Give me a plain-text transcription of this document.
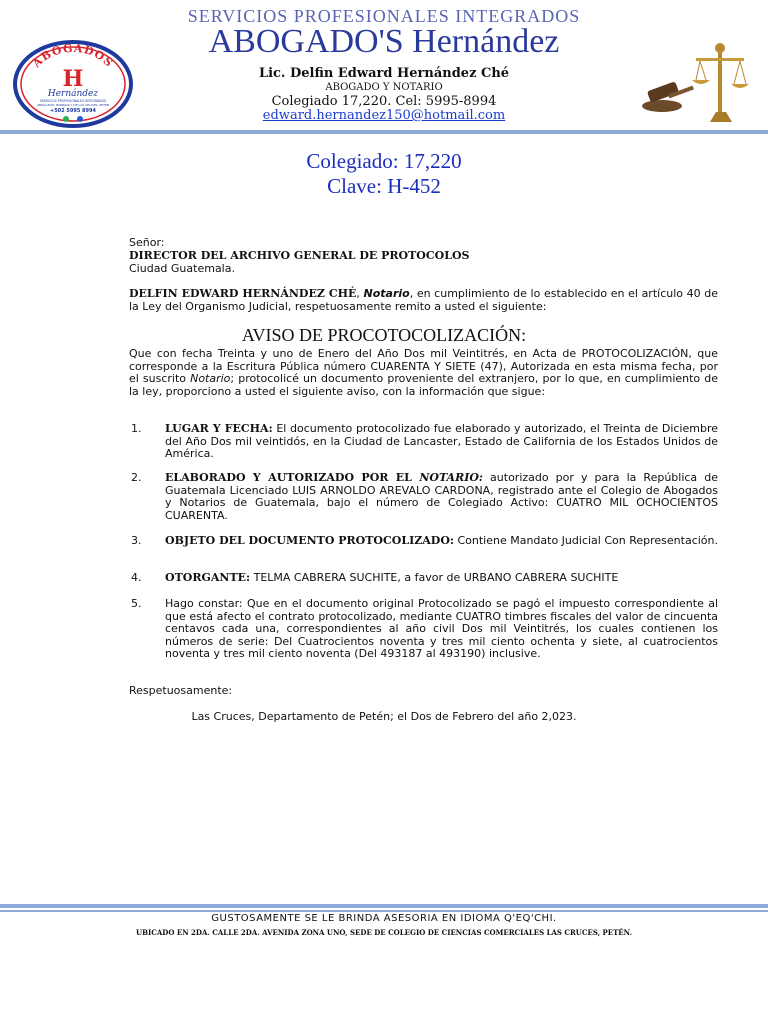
SERVICIOS PROFESIONALES INTEGRADOS
ABOGADO'S Hernández
ABOGADOS
H
Hernández
SERVICIOS PROFESIONALES INTEGRADOS
ABOGADOS, BARRIOS Y DE LAS CRUCES, PETEN
+502 5995 8994
Lic. Delfin Edward Hernández Ché
ABOGADO Y NOTARIO
Colegiado 17,220. Cel: 5995-8994
edward.hernandez150@hotmail.com
Colegiado: 17,220
Clave: H-452
Señor:
DIRECTOR DEL ARCHIVO GENERAL DE PROTOCOLOS
Ciudad Guatemala.
DELFIN EDWARD HERNÁNDEZ CHÉ, Notario, en cumplimiento de lo establecido en el artículo 40 de la Ley del Organismo Judicial, respetuosamente remito a usted el siguiente:
AVISO DE PROCOTOCOLIZACIÓN:
Que con fecha Treinta y uno de Enero del Año Dos mil Veintitrés, en Acta de PROTOCOLIZACIÓN, que corresponde a la Escritura Pública número CUARENTA Y SIETE (47), Autorizada en esta misma fecha, por el suscrito Notario; protocolicé un documento proveniente del extranjero, por lo que, en cumplimiento de la ley, proporciono a usted el siguiente aviso, con la información que sigue:
1.	LUGAR Y FECHA: El documento protocolizado fue elaborado y autorizado, el Treinta de Diciembre del Año Dos mil veintidós, en la Ciudad de Lancaster, Estado de California de los Estados Unidos de América.
2.	ELABORADO Y AUTORIZADO POR EL NOTARIO: autorizado por y para la República de Guatemala Licenciado LUIS ARNOLDO AREVALO CARDONA, registrado ante el Colegio de Abogados y Notarios de Guatemala, bajo el número de Colegiado Activo: CUATRO MIL OCHOCIENTOS CUARENTA.
3.	OBJETO DEL DOCUMENTO PROTOCOLIZADO: Contiene Mandato Judicial Con Representación.
4.	OTORGANTE: TELMA CABRERA SUCHITE, a favor de URBANO CABRERA SUCHITE
5.	Hago constar: Que en el documento original Protocolizado se pagó el impuesto correspondiente al que está afecto el contrato protocolizado, mediante CUATRO timbres fiscales del valor de cincuenta centavos cada una, correspondientes al año civil Dos mil Veintitrés, los cuales contienen los números de serie: Del Cuatrocientos noventa y tres mil ciento ochenta y siete, al cuatrocientos noventa y tres mil ciento noventa (Del 493187 al 493190) inclusive.
Respetuosamente:
Las Cruces, Departamento de Petén; el Dos de Febrero del año 2,023.
GUSTOSAMENTE SE LE BRINDA ASESORIA EN IDIOMA Q'EQ'CHI.
UBICADO EN 2DA. CALLE 2DA. AVENIDA ZONA UNO, SEDE DE COLEGIO DE CIENCIAS COMERCIALES LAS CRUCES, PETÉN.
